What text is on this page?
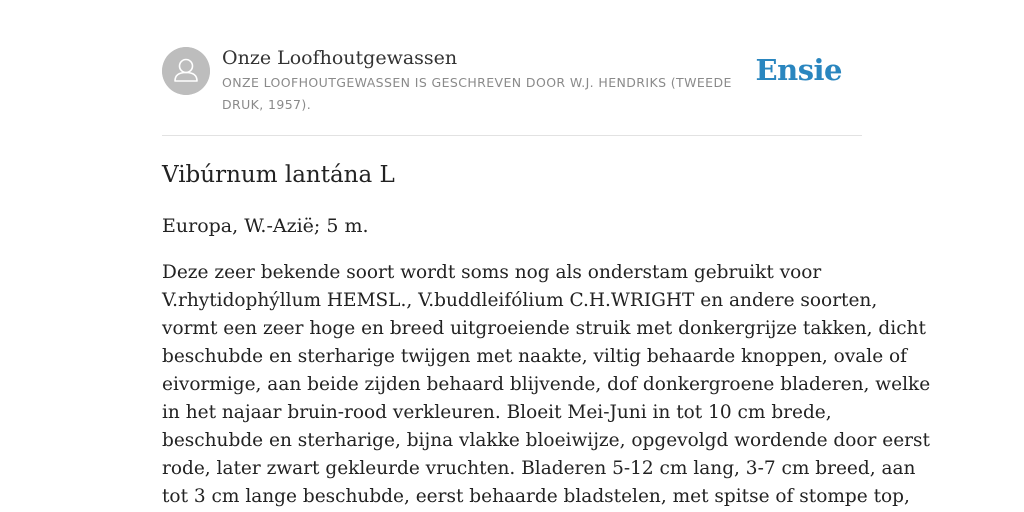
Onze Loofhoutgewassen
ONZE LOOFHOUTGEWASSEN IS GESCHREVEN DOOR W.J. HENDRIKS (TWEEDE DRUK, 1957).
Ensie
Vibúrnum lantána L
Europa, W.-Azië; 5 m.
Deze zeer bekende soort wordt soms nog als onderstam gebruikt voor
V.rhytidophýllum HEMSL., V.buddleifólium C.H.WRIGHT en andere soorten,
vormt een zeer hoge en breed uitgroeiende struik met donkergrijze takken, dicht
beschubde en sterharige twijgen met naakte, viltig behaarde knoppen, ovale of
eivormige, aan beide zijden behaard blijvende, dof donkergroene bladeren, welke
in het najaar bruin-rood verkleuren. Bloeit Mei-Juni in tot 10 cm brede,
beschubde en sterharige, bijna vlakke bloeiwijze, opgevolgd wordende door eerst
rode, later zwart gekleurde vruchten. Bladeren 5-12 cm lang, 3-7 cm breed, aan
tot 3 cm lange beschubde, eerst behaarde bladstelen, met spitse of stompe top,
